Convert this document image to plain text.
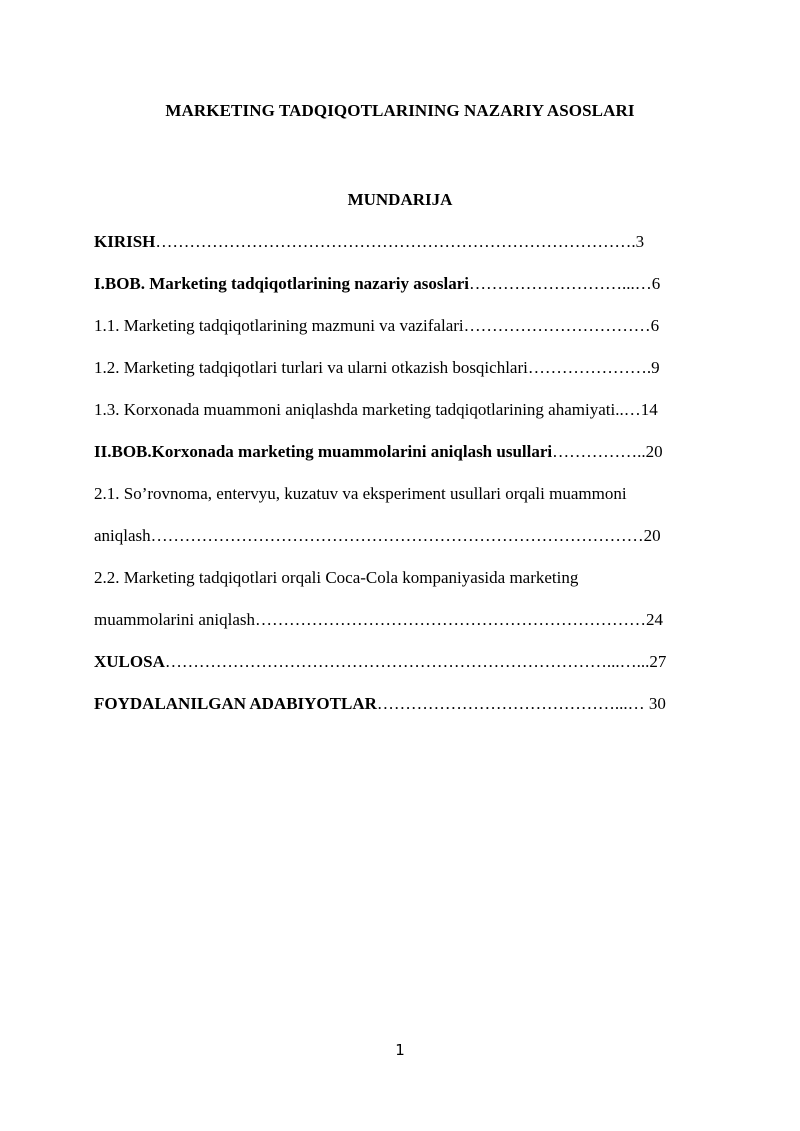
MARKETING TADQIQOTLARINING NAZARIY ASOSLARI
MUNDARIJA
KIRISH………………………………………………………………………….3
I.BOB. Marketing tadqiqotlarining nazariy asoslari………………………...…6
1.1. Marketing tadqiqotlarining mazmuni va vazifalari……………………………6
1.2. Marketing tadqiqotlari turlari va ularni otkazish bosqichlari………………….9
1.3. Korxonada muammoni aniqlashda marketing tadqiqotlarining ahamiyati..…14
II.BOB.Korxonada marketing muammolarini aniqlash usullari……………..20
2.1. So’rovnoma, entervyu, kuzatuv va eksperiment usullari orqali muammoni
aniqlash……………………………………………………………………………20
2.2. Marketing tadqiqotlari orqali Coca-Cola kompaniyasida marketing
muammolarini aniqlash……………………………………………………………24
XULOSA……………………………………………………………………...…...27
FOYDALANILGAN ADABIYOTLAR……………………………………...… 30
1
